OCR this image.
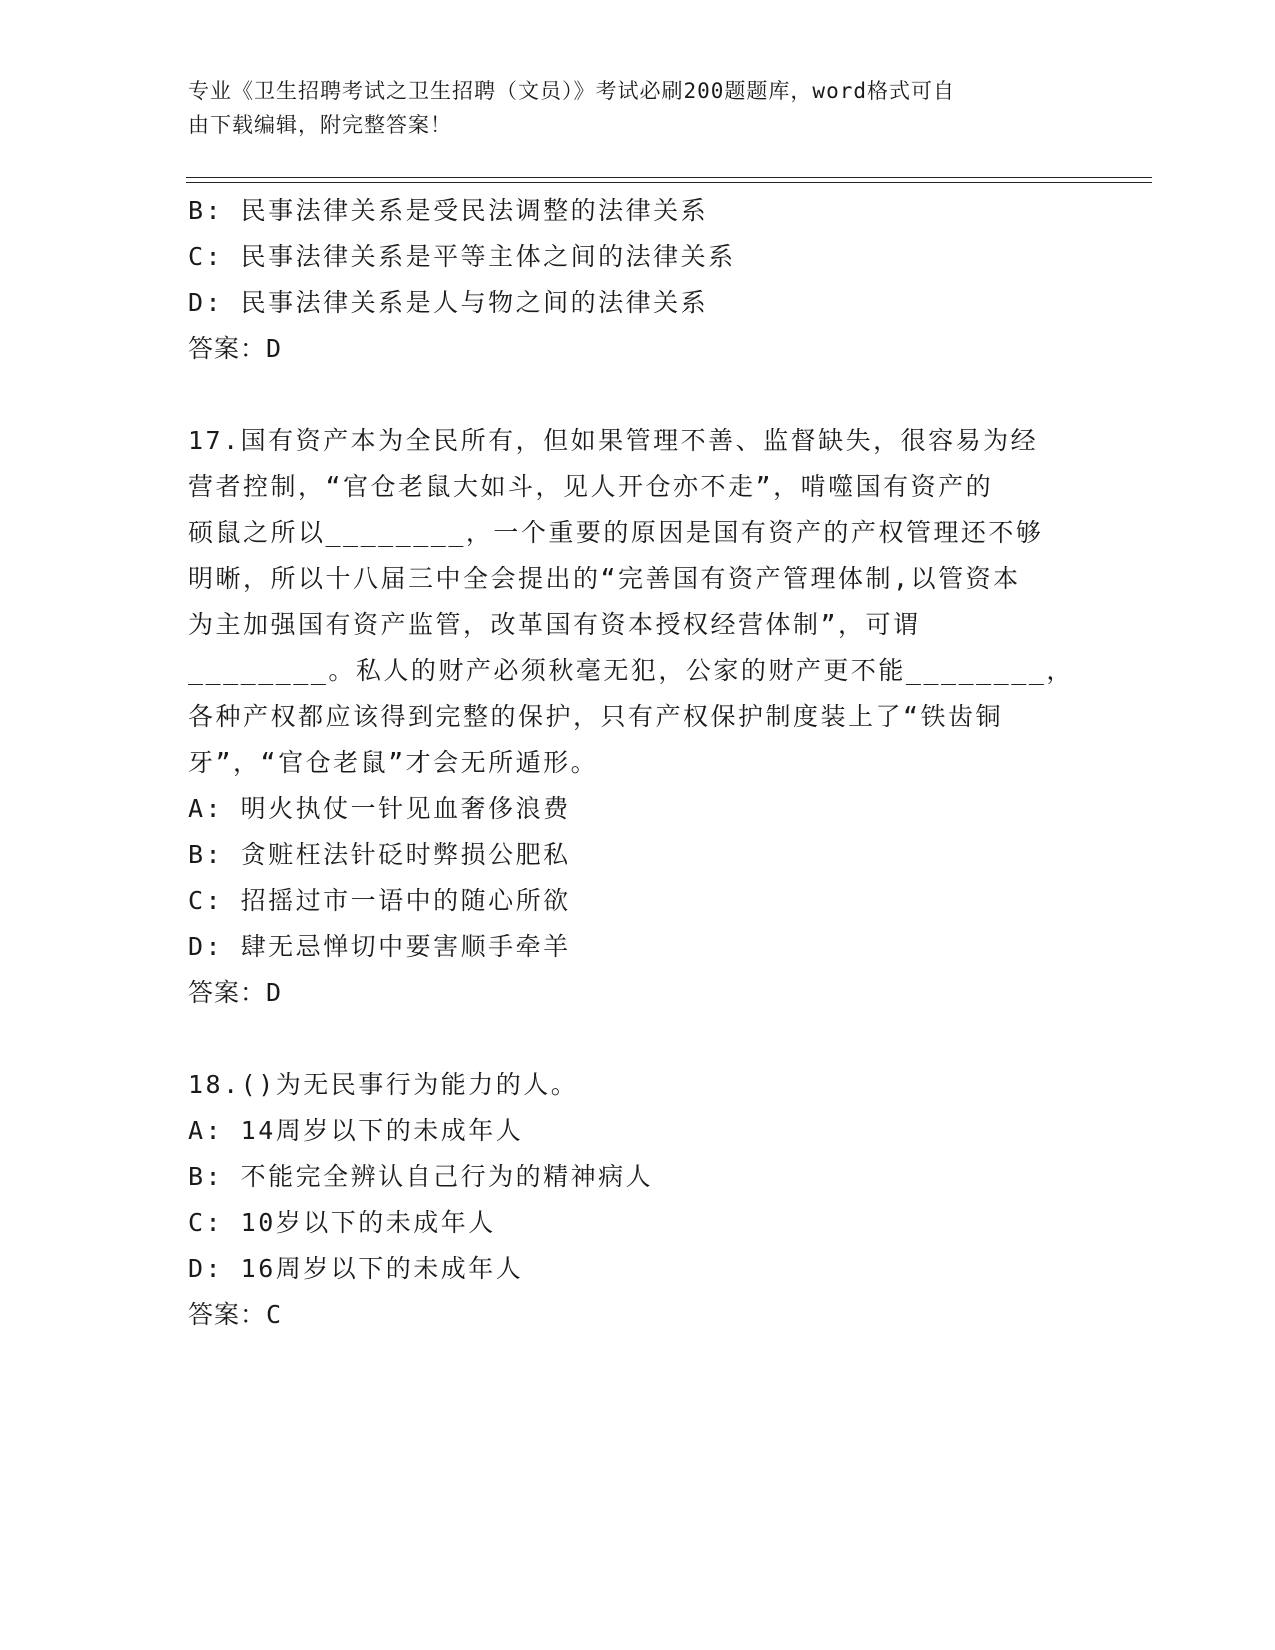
专业《卫生招聘考试之卫生招聘（文员）》考试必刷200题题库，word格式可自

由下载编辑，附完整答案！

B: 民事法律关系是受民法调整的法律关系

C: 民事法律关系是平等主体之间的法律关系

D: 民事法律关系是人与物之间的法律关系

答案：D

17.国有资产本为全民所有，但如果管理不善、监督缺失，很容易为经

营者控制，“官仓老鼠大如斗，见人开仓亦不走”，啃噬国有资产的

硕鼠之所以________，一个重要的原因是国有资产的产权管理还不够

明晰，所以十八届三中全会提出的“完善国有资产管理体制,以管资本

为主加强国有资产监管，改革国有资本授权经营体制”，可谓

________。私人的财产必须秋毫无犯，公家的财产更不能________，

各种产权都应该得到完整的保护，只有产权保护制度装上了“铁齿铜

牙”，“官仓老鼠”才会无所遁形。

A: 明火执仗一针见血奢侈浪费

B: 贪赃枉法针砭时弊损公肥私

C: 招摇过市一语中的随心所欲

D: 肆无忌惮切中要害顺手牵羊

答案：D

18.()为无民事行为能力的人。

A: 14周岁以下的未成年人

B: 不能完全辨认自己行为的精神病人

C: 10岁以下的未成年人

D: 16周岁以下的未成年人

答案：C
